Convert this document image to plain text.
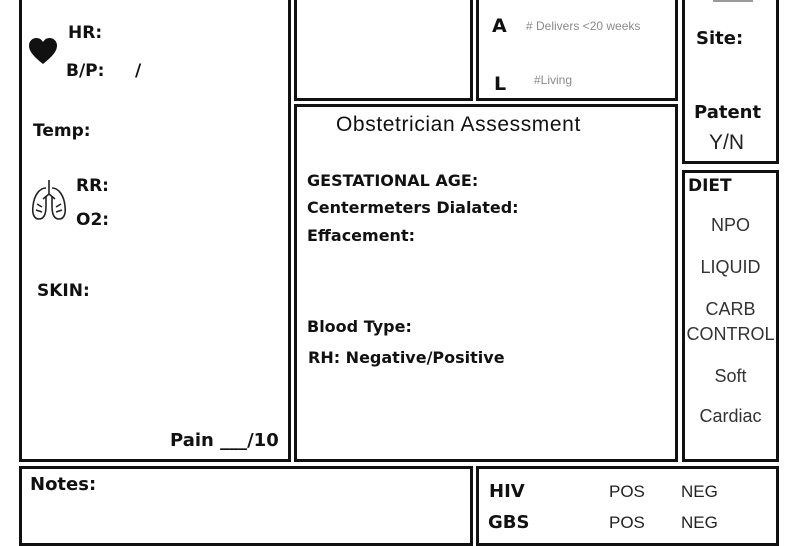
HR:
B/P: /
Temp:
RR:
O2:
SKIN:
Pain ___/10
A # Delivers <20 weeks
L #Living
Site:
Patent
Y/N
Obstetrician Assessment
GESTATIONAL AGE:
Centermeters Dialated:
Effacement:
Blood Type:
RH: Negative/Positive
DIET
NPO
LIQUID
CARB
CONTROL
Soft
Cardiac
Notes:	HIV	POS NEG
GBS	POS NEG
